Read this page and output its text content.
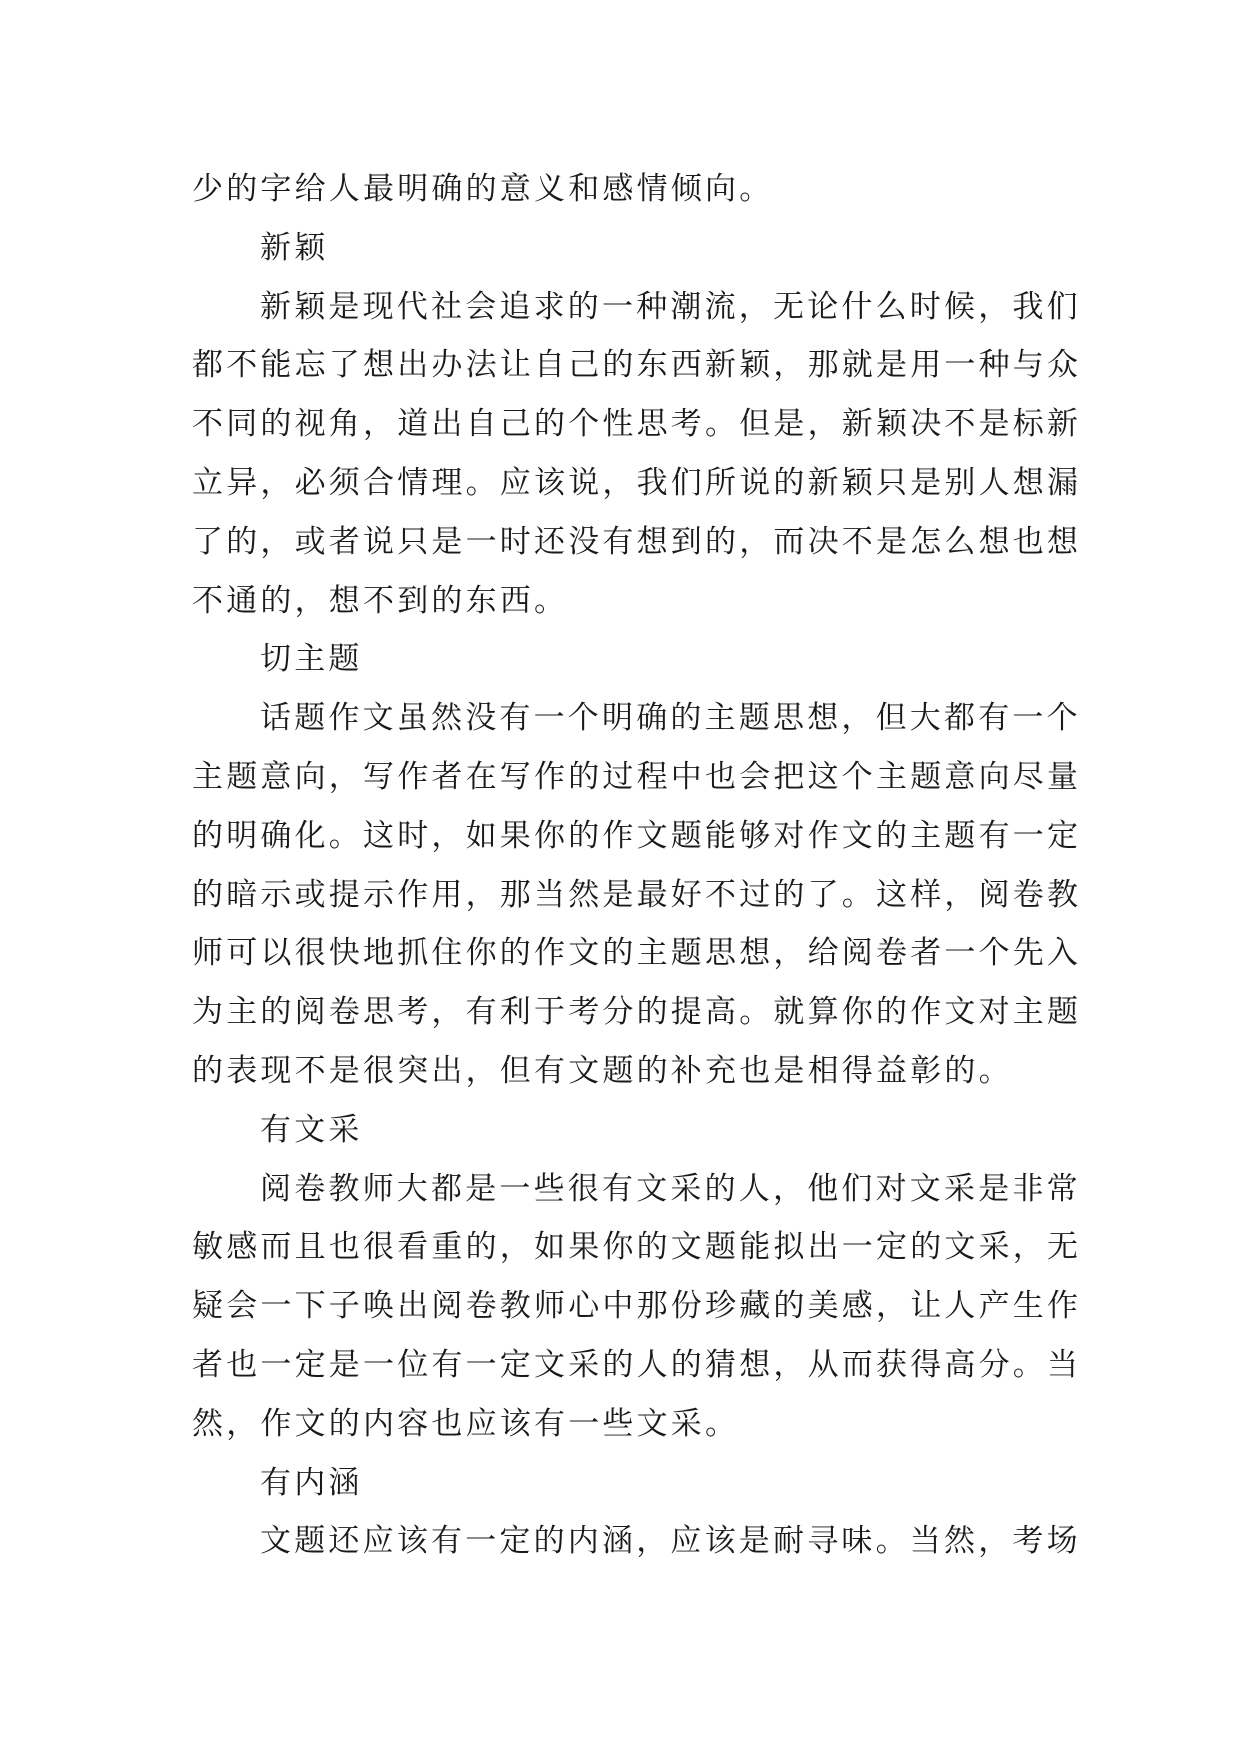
少的字给人最明确的意义和感情倾向。
新颖
新颖是现代社会追求的一种潮流，无论什么时候，我们
都不能忘了想出办法让自己的东西新颖，那就是用一种与众
不同的视角，道出自己的个性思考。但是，新颖决不是标新
立异，必须合情理。应该说，我们所说的新颖只是别人想漏
了的，或者说只是一时还没有想到的，而决不是怎么想也想
不通的，想不到的东西。
切主题
话题作文虽然没有一个明确的主题思想，但大都有一个
主题意向，写作者在写作的过程中也会把这个主题意向尽量
的明确化。这时，如果你的作文题能够对作文的主题有一定
的暗示或提示作用，那当然是最好不过的了。这样，阅卷教
师可以很快地抓住你的作文的主题思想，给阅卷者一个先入
为主的阅卷思考，有利于考分的提高。就算你的作文对主题
的表现不是很突出，但有文题的补充也是相得益彰的。
有文采
阅卷教师大都是一些很有文采的人，他们对文采是非常
敏感而且也很看重的，如果你的文题能拟出一定的文采，无
疑会一下子唤出阅卷教师心中那份珍藏的美感，让人产生作
者也一定是一位有一定文采的人的猜想，从而获得高分。当
然，作文的内容也应该有一些文采。
有内涵
文题还应该有一定的内涵，应该是耐寻味。当然，考场
